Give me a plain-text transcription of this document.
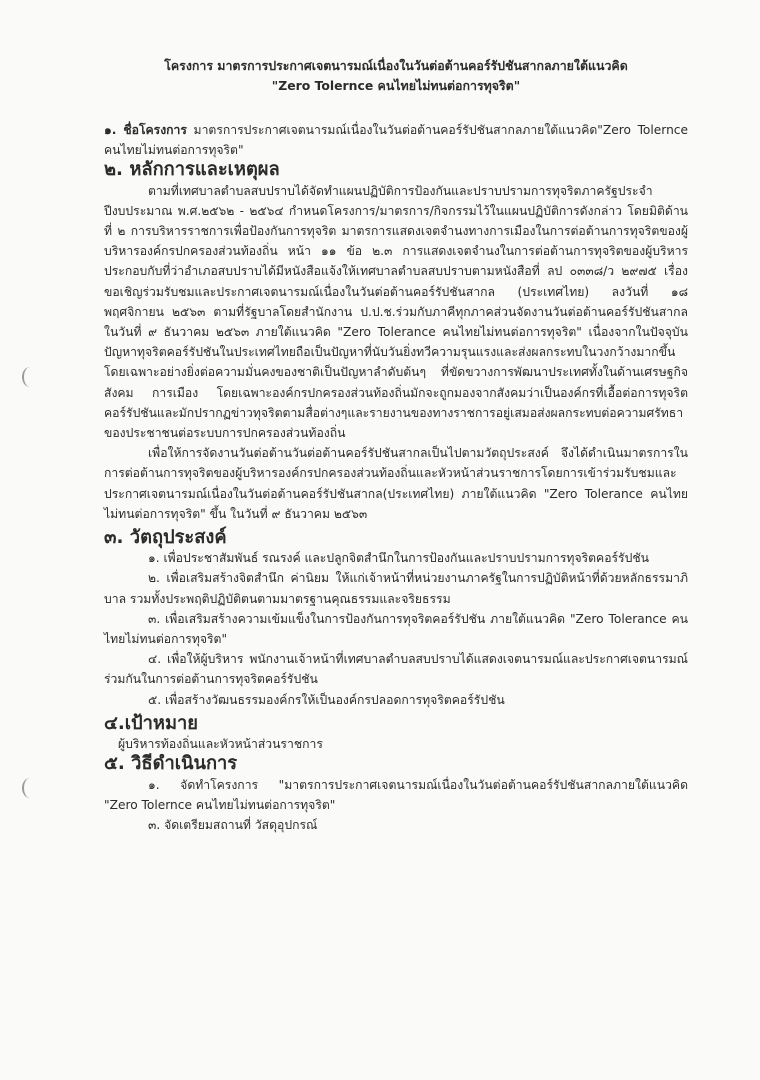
โครงการ มาตรการประกาศเจตนารมณ์เนื่องในวันต่อต้านคอร์รัปชันสากลภายใต้แนวคิด
"Zero Tolernce คนไทยไม่ทนต่อการทุจริต"

๑. ชื่อโครงการ มาตรการประกาศเจตนารมณ์เนื่องในวันต่อต้านคอร์รัปชันสากลภายใต้แนวคิด"Zero Tolernce คนไทยไม่ทนต่อการทุจริต"

๒. หลักการและเหตุผล

ตามที่เทศบาลตำบลสบปราบได้จัดทำแผนปฏิบัติการป้องกันและปราบปรามการทุจริตภาครัฐประจำปีงบประมาณ พ.ศ.๒๕๖๒ - ๒๕๖๔ กำหนดโครงการ/มาตรการ/กิจกรรมไว้ในแผนปฏิบัติการดังกล่าว โดยมิติด้านที่ ๒ การบริหารราชการเพื่อป้องกันการทุจริต มาตรการแสดงเจตจำนงทางการเมืองในการต่อต้านการทุจริตของผู้บริหารองค์กรปกครองส่วนท้องถิ่น หน้า ๑๑ ข้อ ๒.๓ การแสดงเจตจำนงในการต่อต้านการทุจริตของผู้บริหาร ประกอบกับที่ว่าอำเภอสบปราบได้มีหนังสือแจ้งให้เทศบาลตำบลสบปราบตามหนังสือที่ ลป ๐๓๓๘/ว ๒๙๗๕ เรื่อง ขอเชิญร่วมรับชมและประกาศเจตนารมณ์เนื่องในวันต่อต้านคอร์รัปชันสากล (ประเทศไทย) ลงวันที่ ๑๘ พฤศจิกายน ๒๕๖๓ ตามที่รัฐบาลโดยสำนักงาน ป.ป.ช.ร่วมกับภาคีทุกภาคส่วนจัดงานวันต่อต้านคอร์รัปชันสากล ในวันที่ ๙ ธันวาคม ๒๕๖๓ ภายใต้แนวคิด "Zero Tolerance คนไทยไม่ทนต่อการทุจริต" เนื่องจากในปัจจุบันปัญหาทุจริตคอร์รัปชันในประเทศไทยถือเป็นปัญหาที่นับวันยิ่งทวีความรุนแรงและส่งผลกระทบในวงกว้างมากขึ้นโดยเฉพาะอย่างยิ่งต่อความมั่นคงของชาติเป็นปัญหาลำดับต้นๆ ที่ขัดขวางการพัฒนาประเทศทั้งในด้านเศรษฐกิจ สังคม การเมือง โดยเฉพาะองค์กรปกครองส่วนท้องถิ่นมักจะถูกมองจากสังคมว่าเป็นองค์กรที่เอื้อต่อการทุจริตคอร์รัปชันและมักปรากฏข่าวทุจริตตามสื่อต่างๆและรายงานของทางราชการอยู่เสมอส่งผลกระทบต่อความศรัทธาของประชาชนต่อระบบการปกครองส่วนท้องถิ่น

เพื่อให้การจัดงานวันต่อต้านวันต่อต้านคอร์รัปชันสากลเป็นไปตามวัตถุประสงค์ จึงได้ดำเนินมาตรการในการต่อต้านการทุจริตของผู้บริหารองค์กรปกครองส่วนท้องถิ่นและหัวหน้าส่วนราชการโดยการเข้าร่วมรับชมและประกาศเจตนารมณ์เนื่องในวันต่อต้านคอร์รัปชันสากล(ประเทศไทย) ภายใต้แนวคิด "Zero Tolerance คนไทยไม่ทนต่อการทุจริต" ขึ้น ในวันที่ ๙ ธันวาคม ๒๕๖๓

๓. วัตถุประสงค์

๑. เพื่อประชาสัมพันธ์ รณรงค์ และปลูกจิตสำนึกในการป้องกันและปราบปรามการทุจริตคอร์รัปชัน

๒. เพื่อเสริมสร้างจิตสำนึก ค่านิยม ให้แก่เจ้าหน้าที่หน่วยงานภาครัฐในการปฏิบัติหน้าที่ด้วยหลักธรรมาภิบาล รวมทั้งประพฤติปฏิบัติตนตามมาตรฐานคุณธรรมและจริยธรรม

๓. เพื่อเสริมสร้างความเข้มแข็งในการป้องกันการทุจริตคอร์รัปชัน ภายใต้แนวคิด "Zero Tolerance คนไทยไม่ทนต่อการทุจริต"

๔. เพื่อให้ผู้บริหาร พนักงานเจ้าหน้าที่เทศบาลตำบลสบปราบได้แสดงเจตนารมณ์และประกาศเจตนารมณ์ร่วมกันในการต่อต้านการทุจริตคอร์รัปชัน

๕. เพื่อสร้างวัฒนธรรมองค์กรให้เป็นองค์กรปลอดการทุจริตคอร์รัปชัน

๔.เป้าหมาย

ผู้บริหารท้องถิ่นและหัวหน้าส่วนราชการ

๕. วิธีดำเนินการ

๑. จัดทำโครงการ "มาตรการประกาศเจตนารมณ์เนื่องในวันต่อต้านคอร์รัปชันสากลภายใต้แนวคิด "Zero Tolernce คนไทยไม่ทนต่อการทุจริต"

๓. จัดเตรียมสถานที่ วัสดุอุปกรณ์
